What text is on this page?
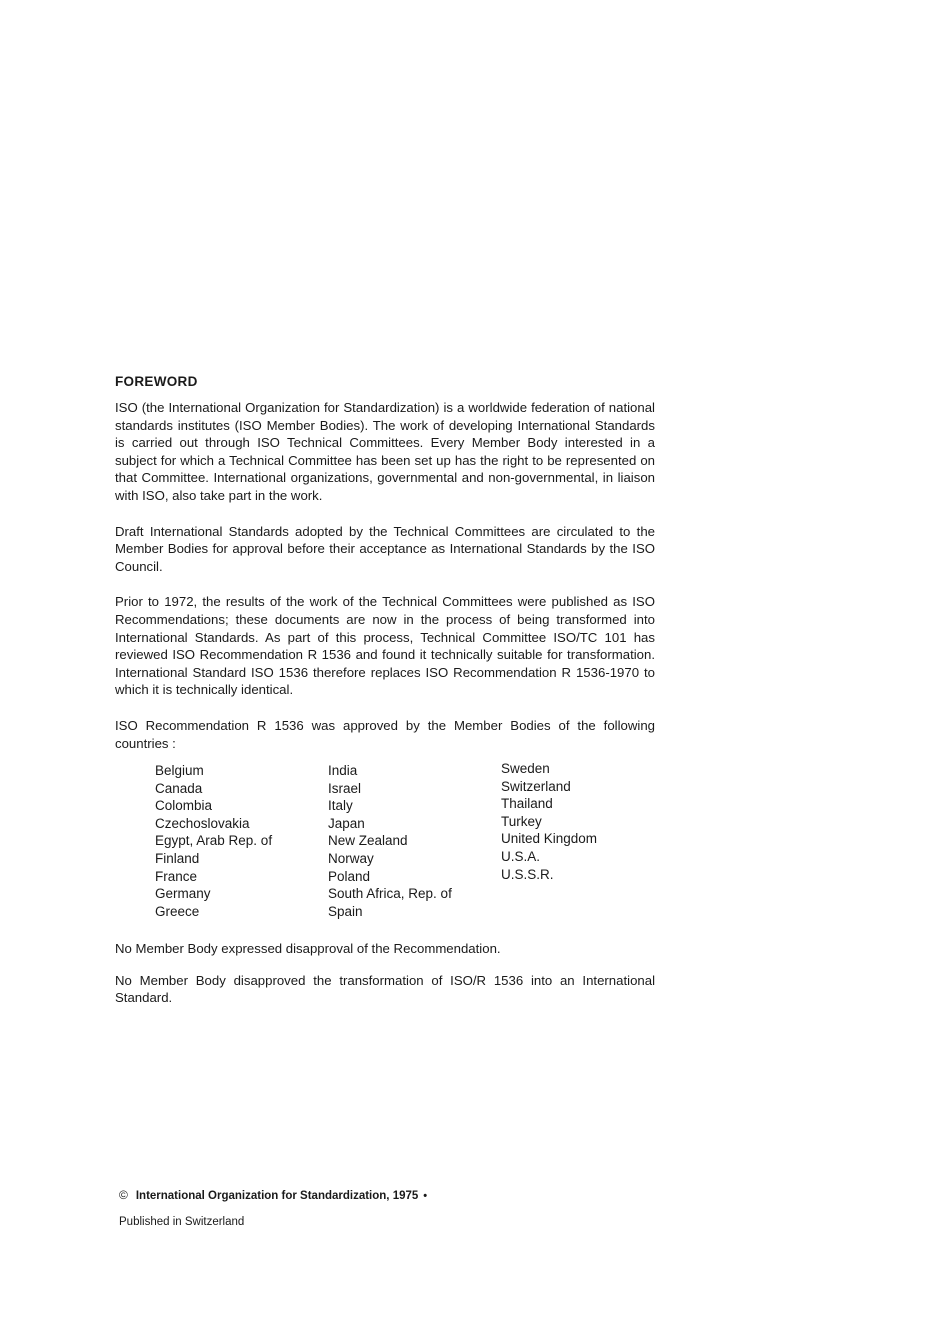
FOREWORD

ISO (the International Organization for Standardization) is a worldwide federation of national standards institutes (ISO Member Bodies). The work of developing International Standards is carried out through ISO Technical Committees. Every Member Body interested in a subject for which a Technical Committee has been set up has the right to be represented on that Committee. International organizations, governmental and non-governmental, in liaison with ISO, also take part in the work.

Draft International Standards adopted by the Technical Committees are circulated to the Member Bodies for approval before their acceptance as International Standards by the ISO Council.

Prior to 1972, the results of the work of the Technical Committees were published as ISO Recommendations; these documents are now in the process of being transformed into International Standards. As part of this process, Technical Committee ISO/TC 101 has reviewed ISO Recommendation R 1536 and found it technically suitable for transformation. International Standard ISO 1536 therefore replaces ISO Recommendation R 1536-1970 to which it is technically identical.

ISO Recommendation R 1536 was approved by the Member Bodies of the following countries :

Belgium
Canada
Colombia
Czechoslovakia
Egypt, Arab Rep. of
Finland
France
Germany
Greece
India
Israel
Italy
Japan
New Zealand
Norway
Poland
South Africa, Rep. of
Spain
Sweden
Switzerland
Thailand
Turkey
United Kingdom
U.S.A.
U.S.S.R.

No Member Body expressed disapproval of the Recommendation.

No Member Body disapproved the transformation of ISO/R 1536 into an International Standard.

© International Organization for Standardization, 1975 •

Published in Switzerland
